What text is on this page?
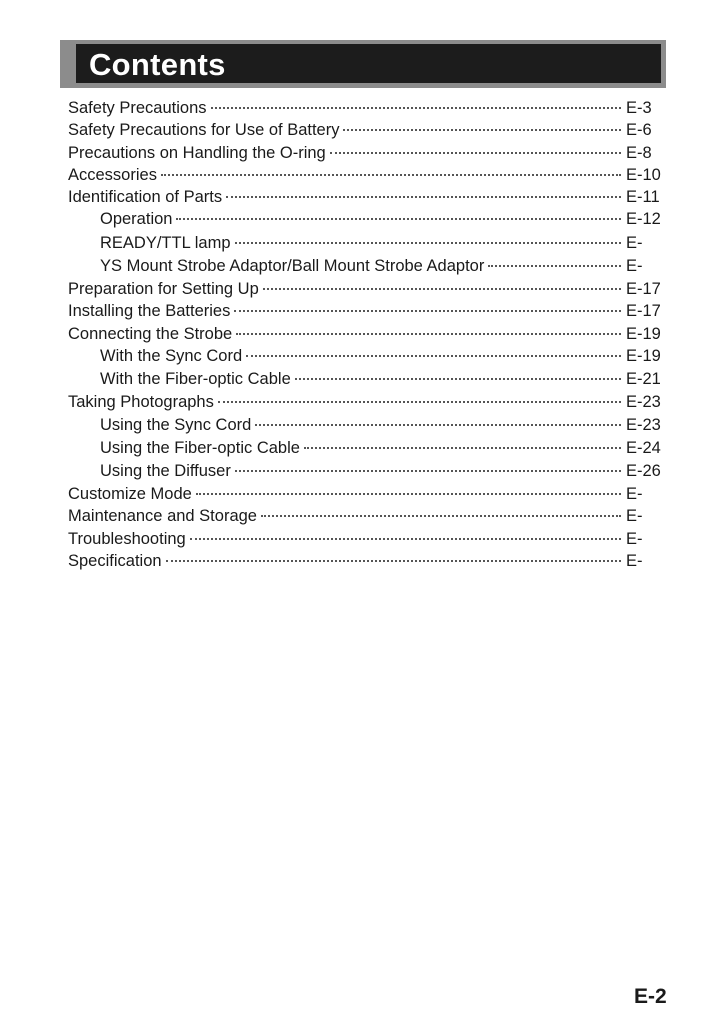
Contents
Safety Precautions	E-3
Safety Precautions for Use of Battery	E-6
Precautions on Handling the O-ring	E-8
Accessories	E-10
Identification of Parts	E-11
Operation	E-12
READY/TTL lamp	E-
YS Mount Strobe Adaptor/Ball Mount Strobe Adaptor	E-
Preparation for Setting Up	E-17
Installing the Batteries	E-17
Connecting the Strobe	E-19
With the Sync Cord	E-19
With the Fiber-optic Cable	E-21
Taking Photographs	E-23
Using the Sync Cord	E-23
Using the Fiber-optic Cable	E-24
Using the Diffuser	E-26
Customize Mode	E-
Maintenance and Storage	E-
Troubleshooting	E-
Specification	E-
E-2
